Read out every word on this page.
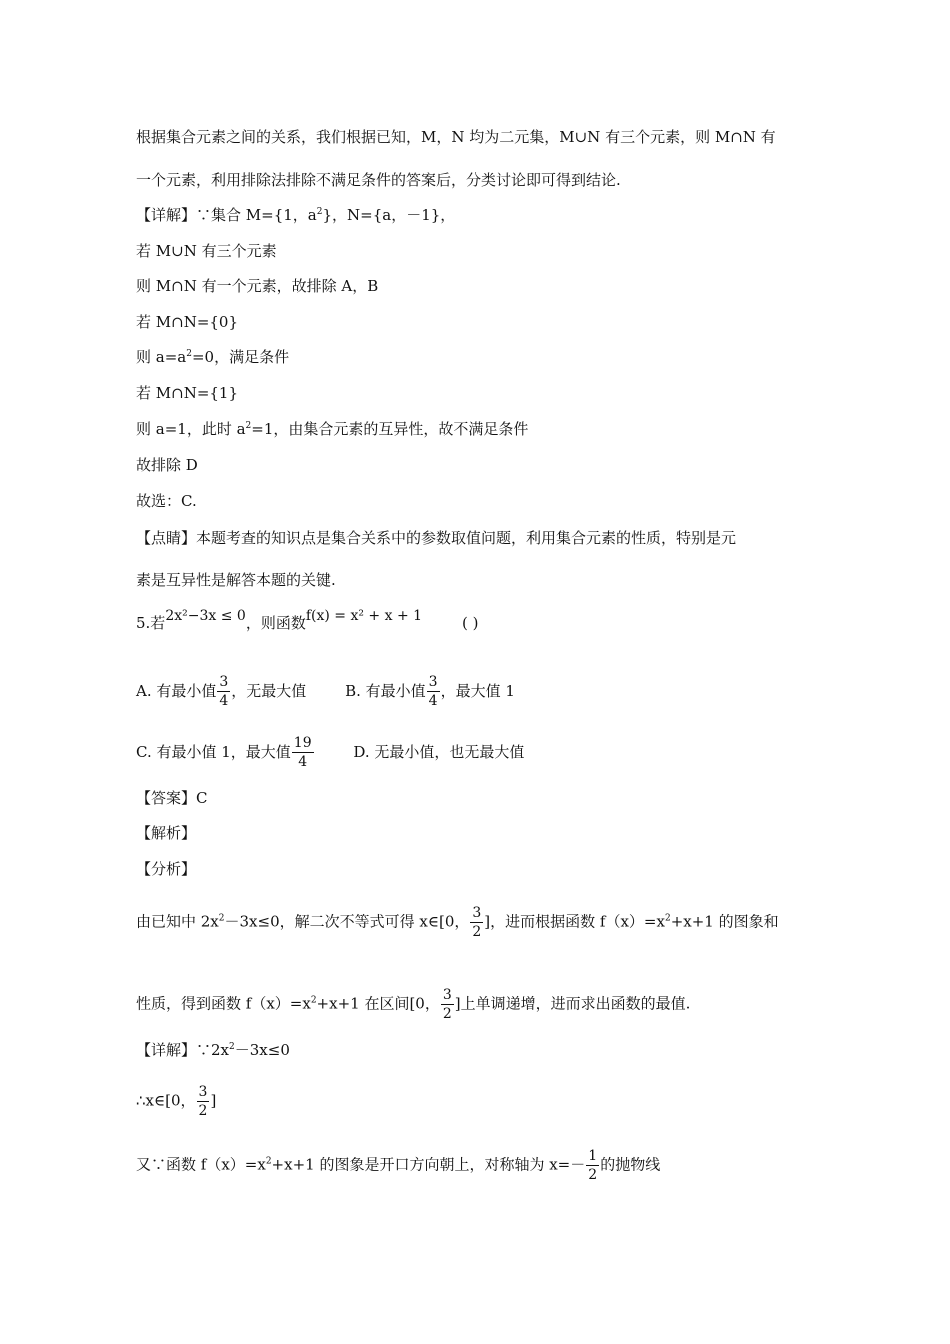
根据集合元素之间的关系，我们根据已知，M，N 均为二元集，M∪N 有三个元素，则 M∩N 有
一个元素，利用排除法排除不满足条件的答案后，分类讨论即可得到结论.
【详解】∵集合 M={1，$a^2$}，N={a，－1}，
若 M∪N 有三个元素
则 M∩N 有一个元素，故排除 A，B
若 M∩N={0}
则 $a=a^2=0$，满足条件
若 M∩N={1}
则 a=1，此时 $a^2=1$，由集合元素的互异性，故不满足条件
故排除 D
故选：C.
【点睛】本题考查的知识点是集合关系中的参数取值问题，利用集合元素的性质，特别是元
素是互异性是解答本题的关键.
5.若2x²−3x ≤ 0，则函数f(x) = x² + x + 1	( )
A. 有最小值 $\frac{3}{4}$ ，无最大值	B. 有最小值 $\frac{3}{4}$ ，最大值 1
C. 有最小值 1，最大值 $\frac{19}{4}$	D. 无最小值，也无最大值
【答案】C
【解析】
【分析】
由已知中 $2x^2-3x\le 0$，解二次不等式可得 x∈[0， $\frac{3}{2}$ ]，进而根据函数 $f(x)=x^2+x+1$ 的图象和
性质，得到函数 $f(x)=x^2+x+1$ 在区间[0， $\frac{3}{2}$ ]上单调递增，进而求出函数的最值.
【详解】$\because 2x^2-3x\le 0$
∴x∈[0， $\frac{3}{2}$ ]
又∵函数 $f(x)=x^2+x+1$ 的图象是开口方向朝上，对称轴为 $x=- \frac{1}{2}$ 的抛物线
